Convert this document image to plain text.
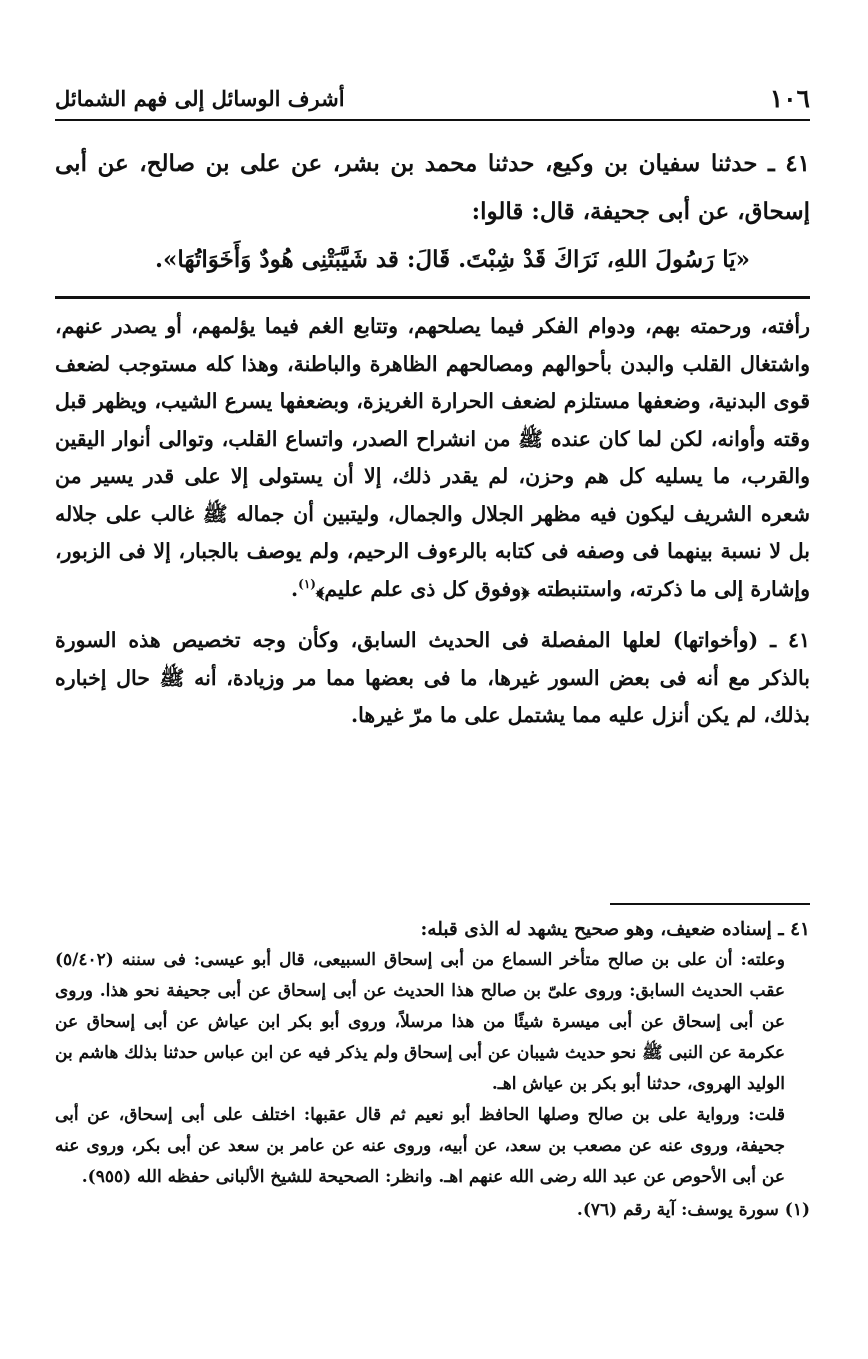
١٠٦
أشرف الوسائل إلى فهم الشمائل

٤١ ـ حدثنا سفيان بن وكيع، حدثنا محمد بن بشر، عن على بن صالح، عن أبى إسحاق، عن أبى جحيفة، قال: قالوا:

«يَا رَسُولَ اللهِ، نَرَاكَ قَدْ شِبْتَ. قَالَ: قد شَيَّبَتْنِى هُودٌ وَأَخَوَاتُهَا».

رأفته، ورحمته بهم، ودوام الفكر فيما يصلحهم، وتتابع الغم فيما يؤلمهم، أو يصدر عنهم، واشتغال القلب والبدن بأحوالهم ومصالحهم الظاهرة والباطنة، وهذا كله مستوجب لضعف قوى البدنية، وضعفها مستلزم لضعف الحرارة الغريزة، وبضعفها يسرع الشيب، ويظهر قبل وقته وأوانه، لكن لما كان عنده ﷺ من انشراح الصدر، واتساع القلب، وتوالى أنوار اليقين والقرب، ما يسليه كل هم وحزن، لم يقدر ذلك، إلا أن يستولى إلا على قدر يسير من شعره الشريف ليكون فيه مظهر الجلال والجمال، وليتبين أن جماله ﷺ غالب على جلاله بل لا نسبة بينهما فى وصفه فى كتابه بالرءوف الرحيم، ولم يوصف بالجبار، إلا فى الزبور، وإشارة إلى ما ذكرته، واستنبطته ﴿وفوق كل ذى علم عليم﴾$^{(١)}$.

٤١ ـ (وأخواتها) لعلها المفصلة فى الحديث السابق، وكأن وجه تخصيص هذه السورة بالذكر مع أنه فى بعض السور غيرها، ما فى بعضها مما مر وزيادة، أنه ﷺ حال إخباره بذلك، لم يكن أنزل عليه مما يشتمل على ما مرّ غيرها.

٤١ ـ إسناده ضعيف، وهو صحيح يشهد له الذى قبله:

وعلته: أن على بن صالح متأخر السماع من أبى إسحاق السبيعى، قال أبو عيسى: فى سننه (٥/٤٠٢) عقب الحديث السابق: وروى علىّ بن صالح هذا الحديث عن أبى إسحاق عن أبى جحيفة نحو هذا. وروى عن أبى إسحاق عن أبى ميسرة شيئًا من هذا مرسلاً، وروى أبو بكر ابن عياش عن أبى إسحاق عن عكرمة عن النبى ﷺ نحو حديث شيبان عن أبى إسحاق ولم يذكر فيه عن ابن عباس حدثنا بذلك هاشم بن الوليد الهروى، حدثنا أبو بكر بن عياش اهـ.

قلت: ورواية على بن صالح وصلها الحافظ أبو نعيم ثم قال عقبها: اختلف على أبى إسحاق، عن أبى جحيفة، وروى عنه عن مصعب بن سعد، عن أبيه، وروى عنه عن عامر بن سعد عن أبى بكر، وروى عنه عن أبى الأحوص عن عبد الله رضى الله عنهم اهـ. وانظر: الصحيحة للشيخ الألبانى حفظه الله (٩٥٥).

(١) سورة يوسف: آية رقم (٧٦).
